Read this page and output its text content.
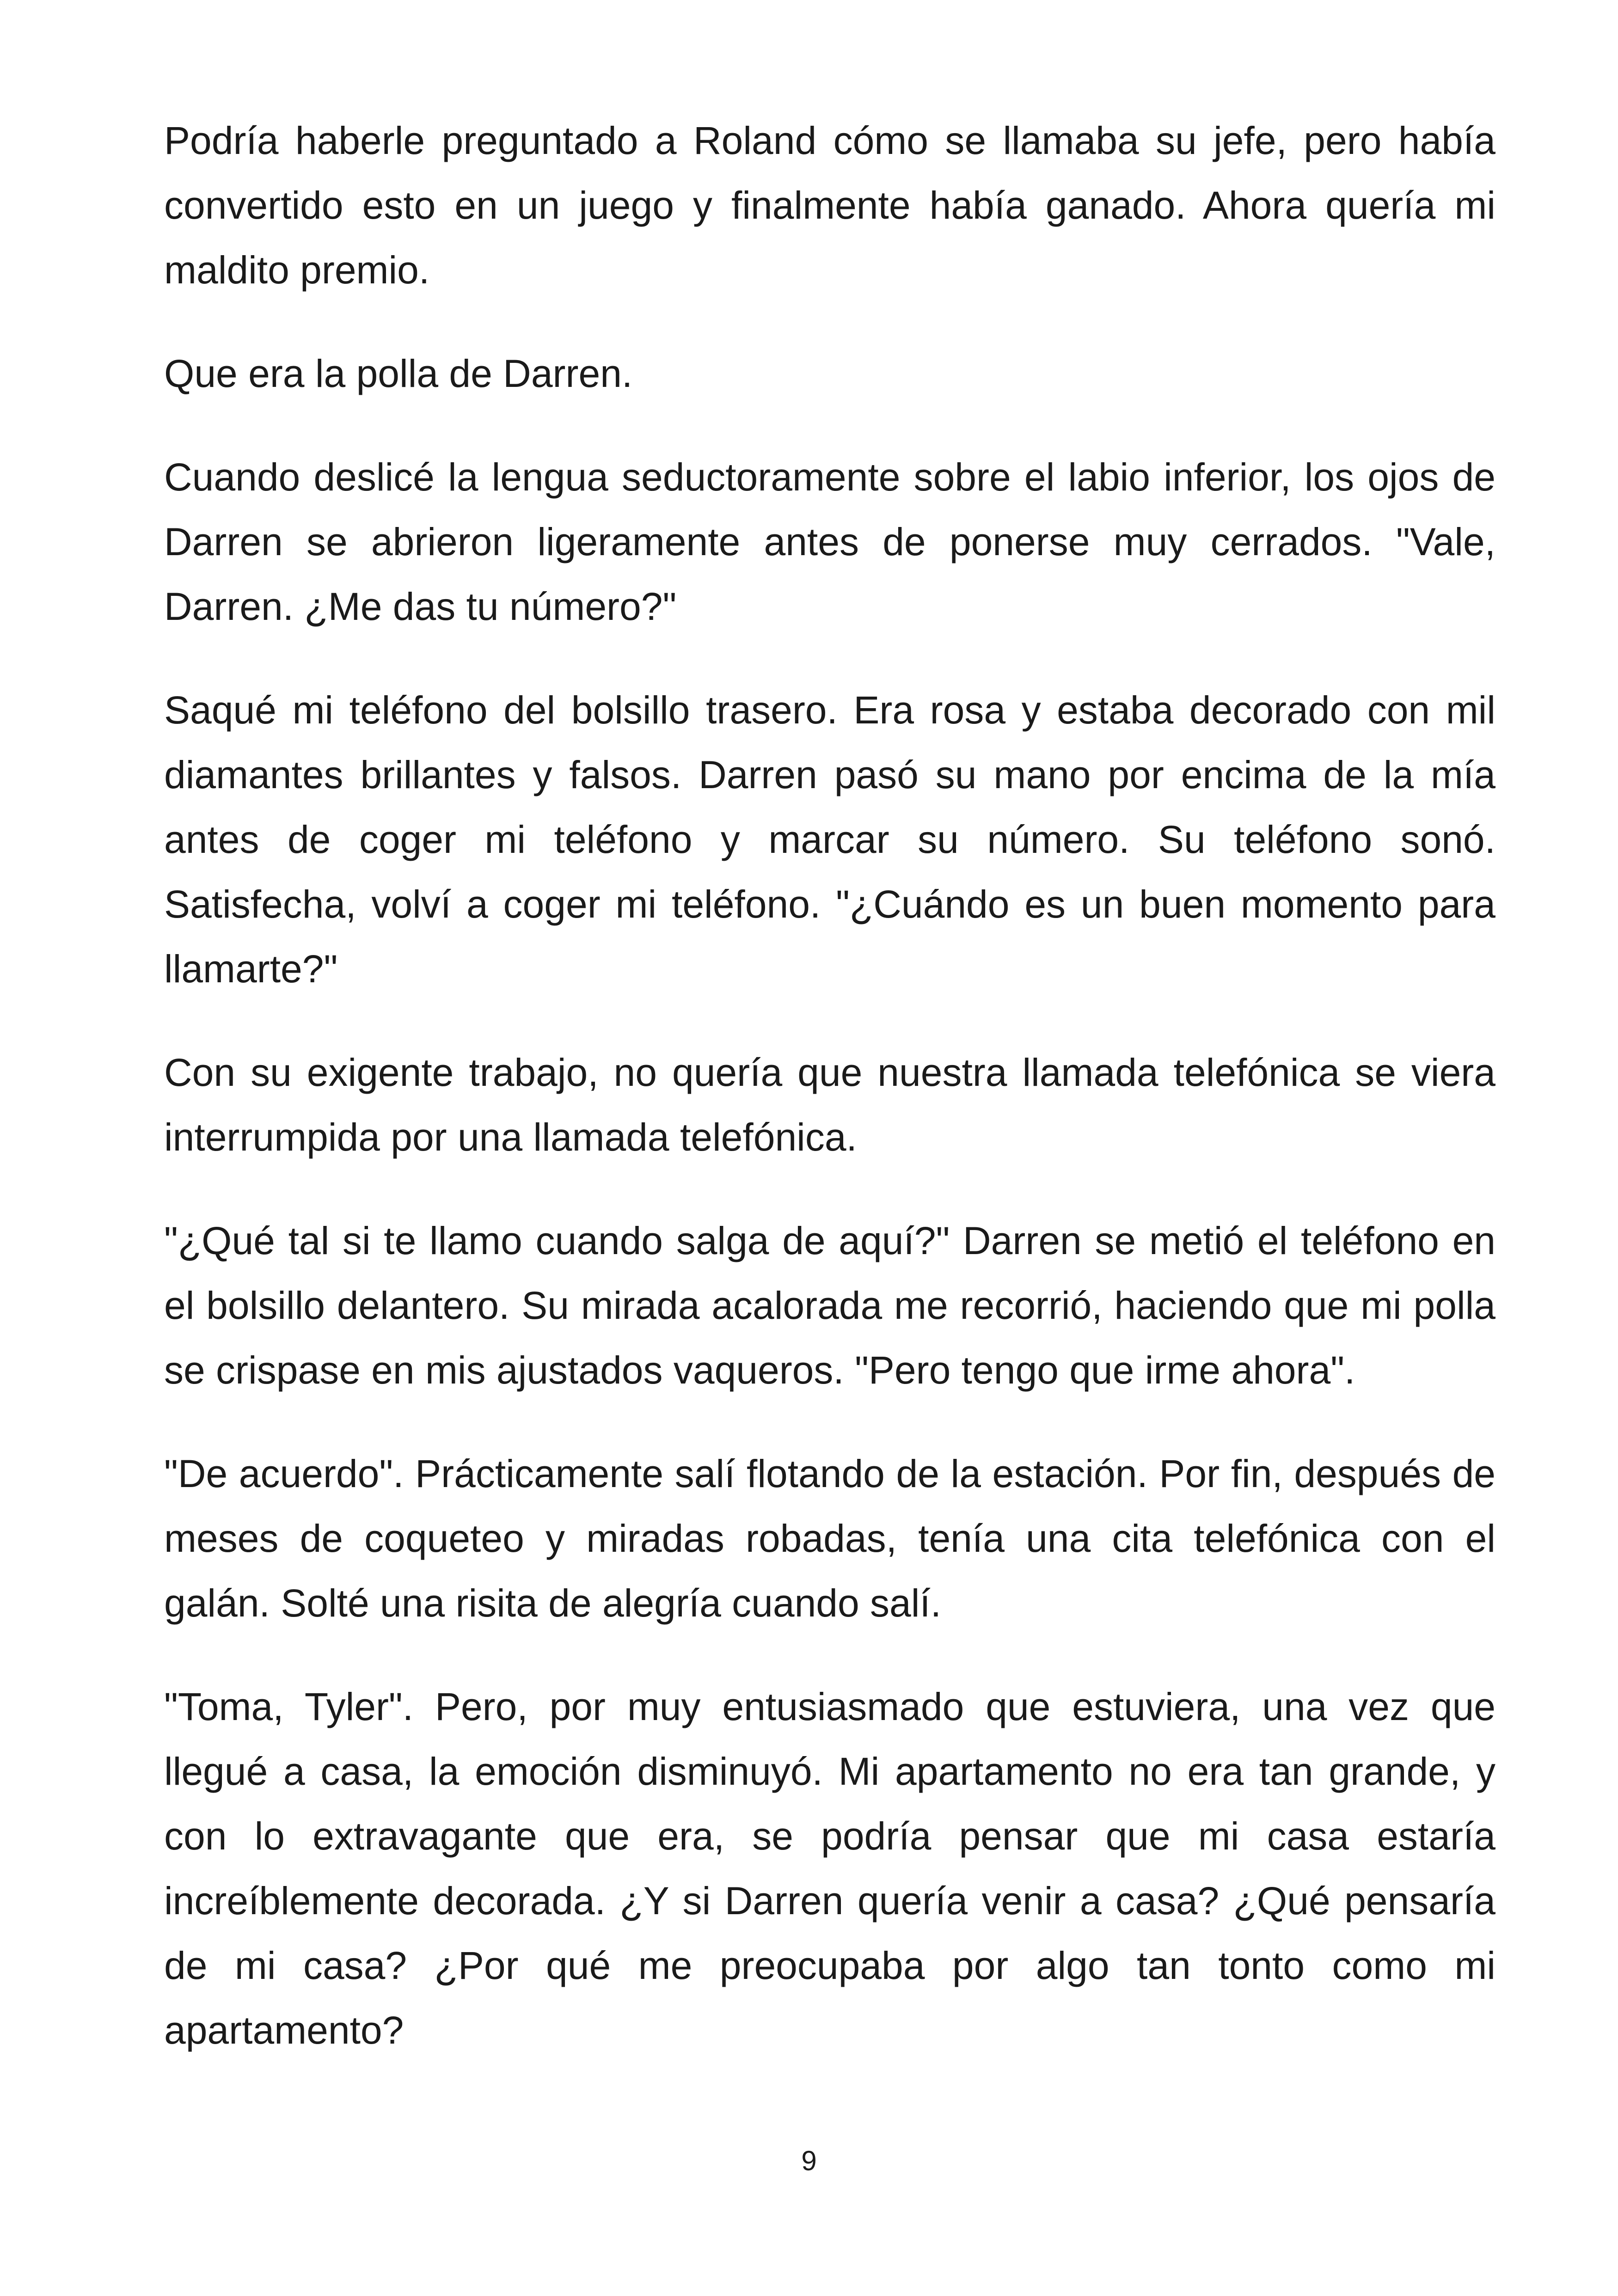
Podría haberle preguntado a Roland cómo se llamaba su jefe, pero había convertido esto en un juego y finalmente había ganado. Ahora quería mi maldito premio.

Que era la polla de Darren.

Cuando deslicé la lengua seductoramente sobre el labio inferior, los ojos de Darren se abrieron ligeramente antes de ponerse muy cerrados. "Vale, Darren. ¿Me das tu número?"

Saqué mi teléfono del bolsillo trasero. Era rosa y estaba decorado con mil diamantes brillantes y falsos. Darren pasó su mano por encima de la mía antes de coger mi teléfono y marcar su número. Su teléfono sonó. Satisfecha, volví a coger mi teléfono. "¿Cuándo es un buen momento para llamarte?"

Con su exigente trabajo, no quería que nuestra llamada telefónica se viera interrumpida por una llamada telefónica.

"¿Qué tal si te llamo cuando salga de aquí?" Darren se metió el teléfono en el bolsillo delantero. Su mirada acalorada me recorrió, haciendo que mi polla se crispase en mis ajustados vaqueros. "Pero tengo que irme ahora".

"De acuerdo". Prácticamente salí flotando de la estación. Por fin, después de meses de coqueteo y miradas robadas, tenía una cita telefónica con el galán. Solté una risita de alegría cuando salí.

"Toma, Tyler". Pero, por muy entusiasmado que estuviera, una vez que llegué a casa, la emoción disminuyó. Mi apartamento no era tan grande, y con lo extravagante que era, se podría pensar que mi casa estaría increíblemente decorada. ¿Y si Darren quería venir a casa? ¿Qué pensaría de mi casa? ¿Por qué me preocupaba por algo tan tonto como mi apartamento?

9
